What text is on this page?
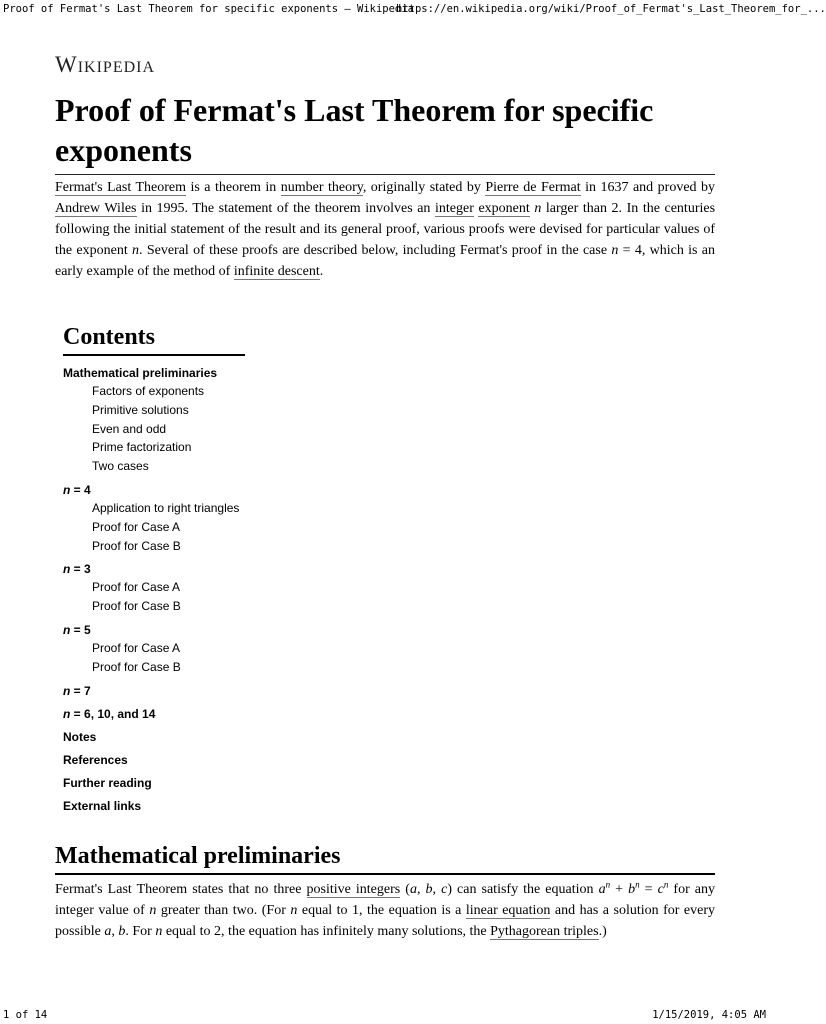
Proof of Fermat's Last Theorem for specific exponents – Wikipedia
https://en.wikipedia.org/wiki/Proof_of_Fermat's_Last_Theorem_for_...
Wikipedia
Proof of Fermat's Last Theorem for specific exponents

Fermat's Last Theorem is a theorem in number theory, originally stated by Pierre de Fermat in 1637 and proved by Andrew Wiles in 1995. The statement of the theorem involves an integer exponent n larger than 2. In the centuries following the initial statement of the result and its general proof, various proofs were devised for particular values of the exponent n. Several of these proofs are described below, including Fermat's proof in the case n = 4, which is an early example of the method of infinite descent.

Contents
Mathematical preliminaries
Factors of exponents
Primitive solutions
Even and odd
Prime factorization
Two cases
n = 4
Application to right triangles
Proof for Case A
Proof for Case B
n = 3
Proof for Case A
Proof for Case B
n = 5
Proof for Case A
Proof for Case B
n = 7
n = 6, 10, and 14
Notes
References
Further reading
External links
Mathematical preliminaries

Fermat's Last Theorem states that no three positive integers (a, b, c) can satisfy the equation $a^n + b^n = c^n$ for any integer value of n greater than two. (For n equal to 1, the equation is a linear equation and has a solution for every possible a, b. For n equal to 2, the equation has infinitely many solutions, the Pythagorean triples.)

1 of 14	1/15/2019, 4:05 AM
